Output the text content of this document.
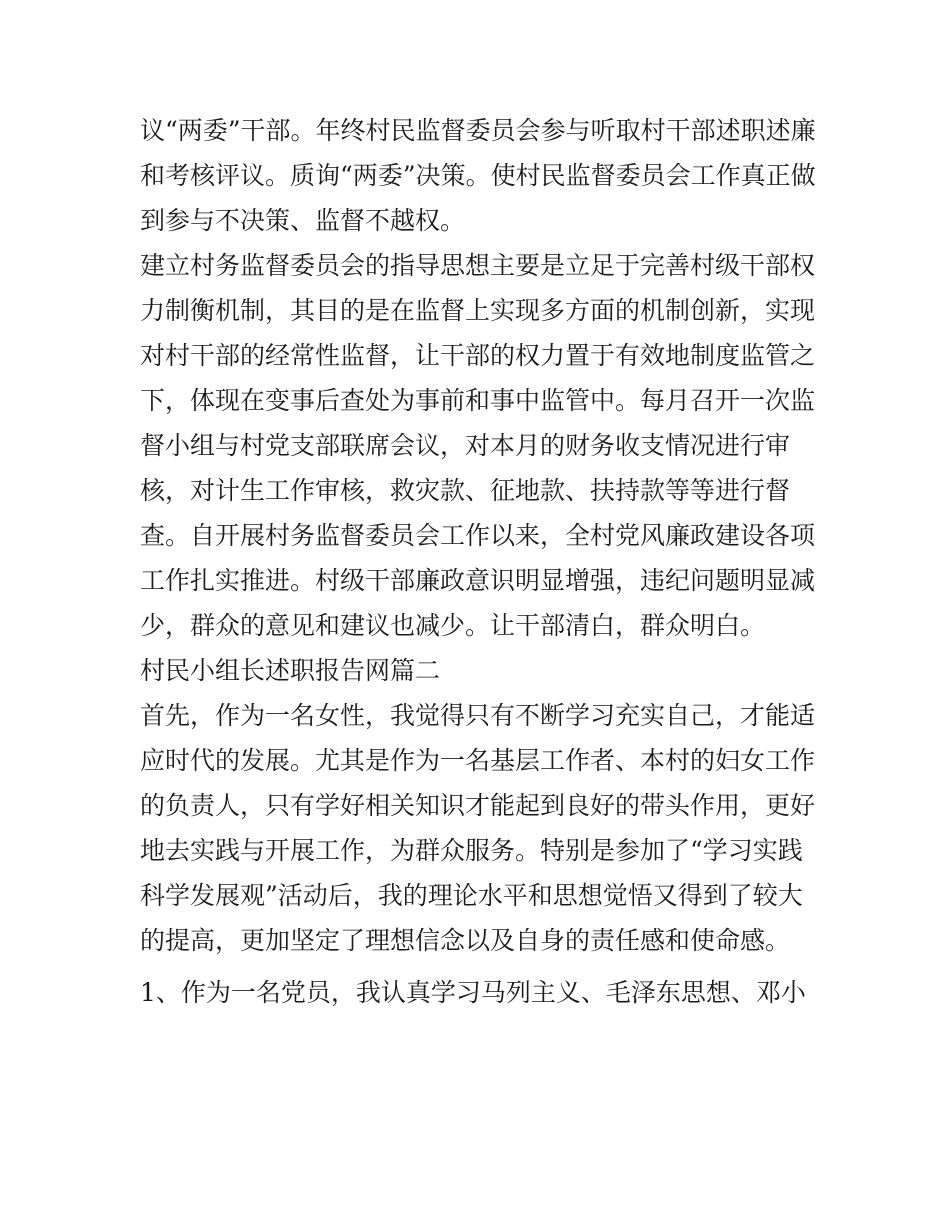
议“两委”干部。年终村民监督委员会参与听取村干部述职述廉
和考核评议。质询“两委”决策。使村民监督委员会工作真正做
到参与不决策、监督不越权。
建立村务监督委员会的指导思想主要是立足于完善村级干部权
力制衡机制，其目的是在监督上实现多方面的机制创新，实现
对村干部的经常性监督，让干部的权力置于有效地制度监管之
下，体现在变事后查处为事前和事中监管中。每月召开一次监
督小组与村党支部联席会议，对本月的财务收支情况进行审
核，对计生工作审核，救灾款、征地款、扶持款等等进行督
查。自开展村务监督委员会工作以来，全村党风廉政建设各项
工作扎实推进。村级干部廉政意识明显增强，违纪问题明显减
少，群众的意见和建议也减少。让干部清白，群众明白。
村民小组长述职报告网篇二
首先，作为一名女性，我觉得只有不断学习充实自己，才能适
应时代的发展。尤其是作为一名基层工作者、本村的妇女工作
的负责人，只有学好相关知识才能起到良好的带头作用，更好
地去实践与开展工作，为群众服务。特别是参加了“学习实践
科学发展观”活动后，我的理论水平和思想觉悟又得到了较大
的提高，更加坚定了理想信念以及自身的责任感和使命感。
1、作为一名党员，我认真学习马列主义、毛泽东思想、邓小
